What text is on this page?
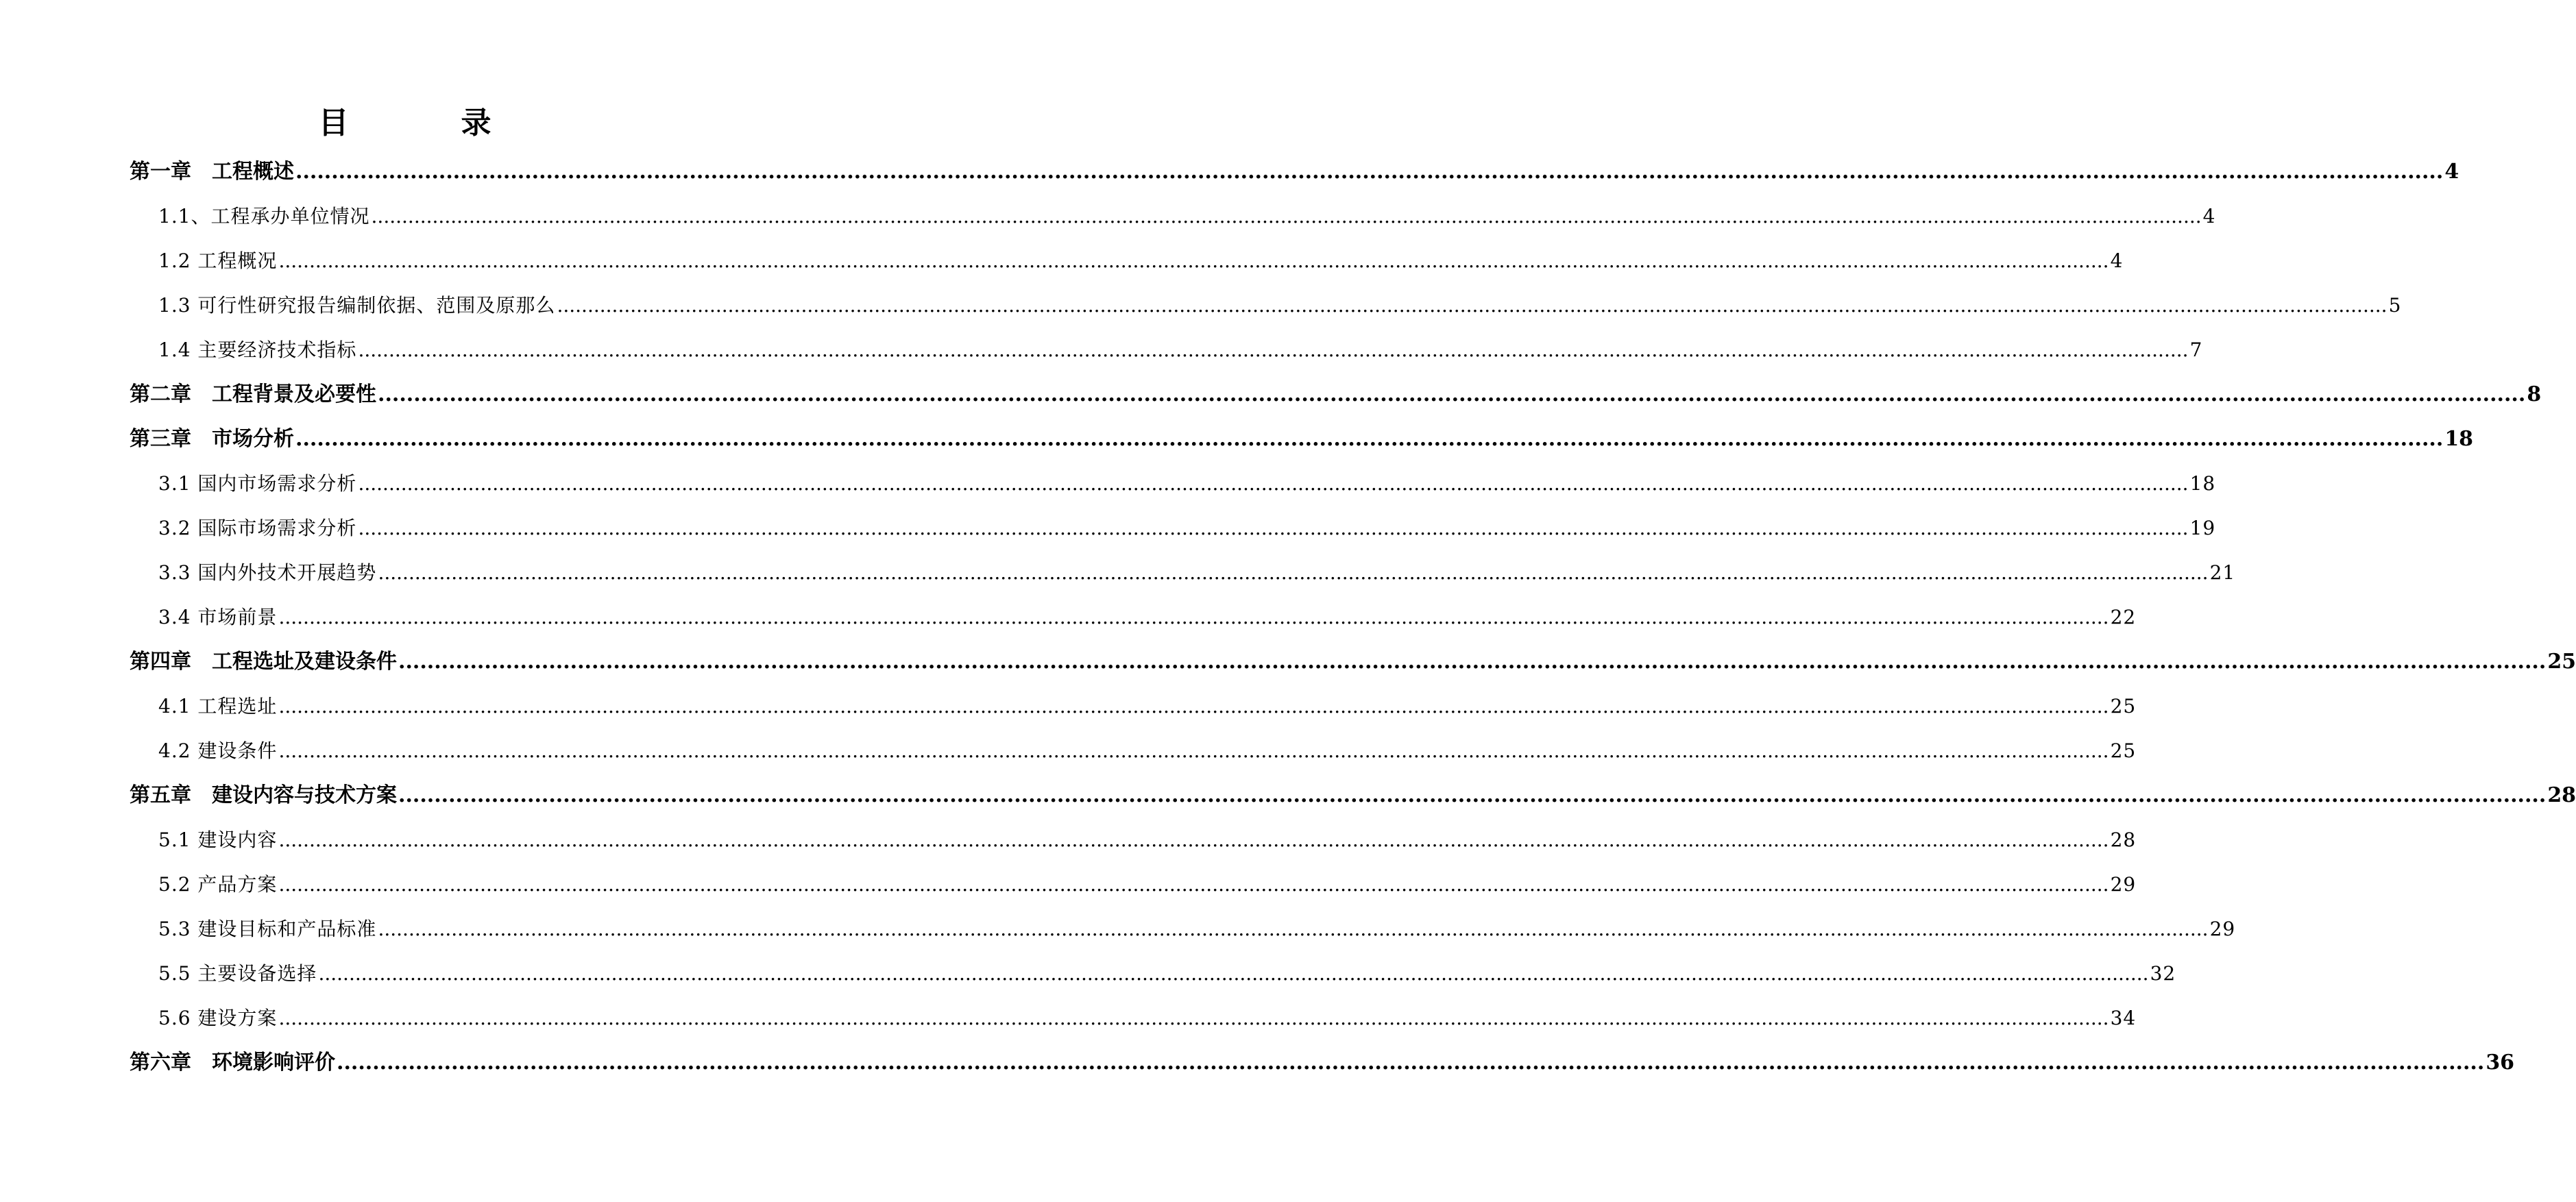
目　录
第一章　工程概述 ............................................................................................................................................................................................................................................................................................................ 4
1.1、工程承办单位情况 ............................................................................................................................................................................................................................................................................................................ 4
1.2 工程概况 ............................................................................................................................................................................................................................................................................................................ 4
1.3 可行性研究报告编制依据、范围及原那么 ............................................................................................................................................................................................................................................................................................................ 5
1.4 主要经济技术指标 ............................................................................................................................................................................................................................................................................................................ 7
第二章　工程背景及必要性 ............................................................................................................................................................................................................................................................................................................ 8
第三章　市场分析 ............................................................................................................................................................................................................................................................................................................ 18
3.1 国内市场需求分析 ............................................................................................................................................................................................................................................................................................................ 18
3.2 国际市场需求分析 ............................................................................................................................................................................................................................................................................................................ 19
3.3 国内外技术开展趋势 ............................................................................................................................................................................................................................................................................................................ 21
3.4 市场前景 ............................................................................................................................................................................................................................................................................................................ 22
第四章　工程选址及建设条件 ............................................................................................................................................................................................................................................................................................................ 25
4.1 工程选址 ............................................................................................................................................................................................................................................................................................................ 25
4.2 建设条件 ............................................................................................................................................................................................................................................................................................................ 25
第五章　建设内容与技术方案 ............................................................................................................................................................................................................................................................................................................ 28
5.1 建设内容 ............................................................................................................................................................................................................................................................................................................ 28
5.2 产品方案 ............................................................................................................................................................................................................................................................................................................ 29
5.3 建设目标和产品标准 ............................................................................................................................................................................................................................................................................................................ 29
5.5 主要设备选择 ............................................................................................................................................................................................................................................................................................................ 32
5.6 建设方案 ............................................................................................................................................................................................................................................................................................................ 34
第六章　环境影响评价 ............................................................................................................................................................................................................................................................................................................ 36
